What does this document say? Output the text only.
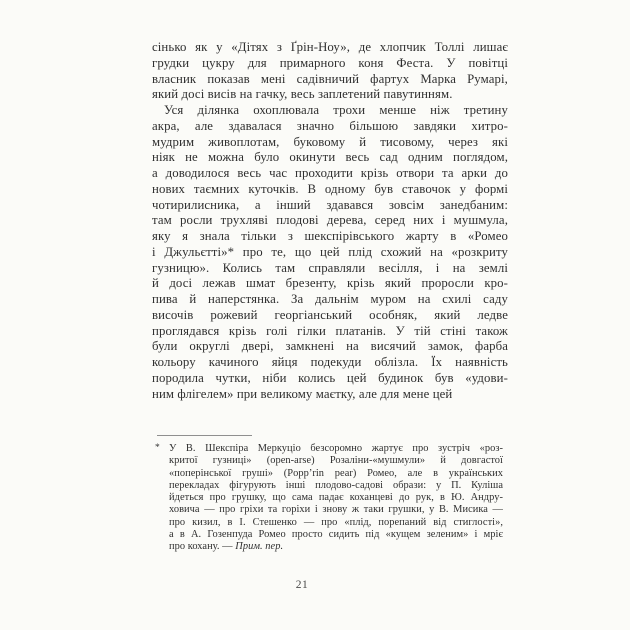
сінько як у «Дітях з Ґрін-Ноу», де хлопчик Толлі лишає
грудки цукру для примарного коня Феста. У повітці
власник показав мені садівничий фартух Марка Румарі,
який досі висів на гачку, весь заплетений павутинням.
Уся ділянка охоплювала трохи менше ніж третину
акра, але здавалася значно більшою завдяки хитро-
мудрим живоплотам, буковому й тисовому, через які
ніяк не можна було окинути весь сад одним поглядом,
а доводилося весь час проходити крізь отвори та арки до
нових таємних куточків. В одному був ставочок у формі
чотирилисника, а інший здавався зовсім занедбаним:
там росли трухляві плодові дерева, серед них і мушмула,
яку я знала тільки з шекспірівського жарту в «Ромео
і Джульєтті»* про те, що цей плід схожий на «розкриту
гузницю». Колись там справляли весілля, і на землі
й досі лежав шмат брезенту, крізь який проросли кро-
пива й наперстянка. За дальнім муром на схилі саду
височів рожевий георгіанський особняк, який ледве
проглядався крізь голі гілки платанів. У тій стіні також
були округлі двері, замкнені на висячий замок, фарба
кольору качиного яйця подекуди облізла. Їх наявність
породила чутки, ніби колись цей будинок був «удови-
ним флігелем» при великому маєтку, але для мене цей
* У В. Шекспіра Меркуціо безсоромно жартує про зустріч «роз-
критої гузниці» (open-arse) Розаліни-«мушмули» й довгастої
«поперінської груші» (Popp’rin pear) Ромео, але в українських
перекладах фігурують інші плодово-садові образи: у П. Куліша
йдеться про грушку, що сама падає коханцеві до рук, в Ю. Андру-
ховича — про гріхи та горіхи і знову ж таки грушки, у В. Мисика —
про кизил, в І. Стешенко — про «плід, порепаний від стиглості»,
а в А. Гозенпуда Ромео просто сидить під «кущем зеленим» і мріє
про кохану. — Прим. пер.
21
